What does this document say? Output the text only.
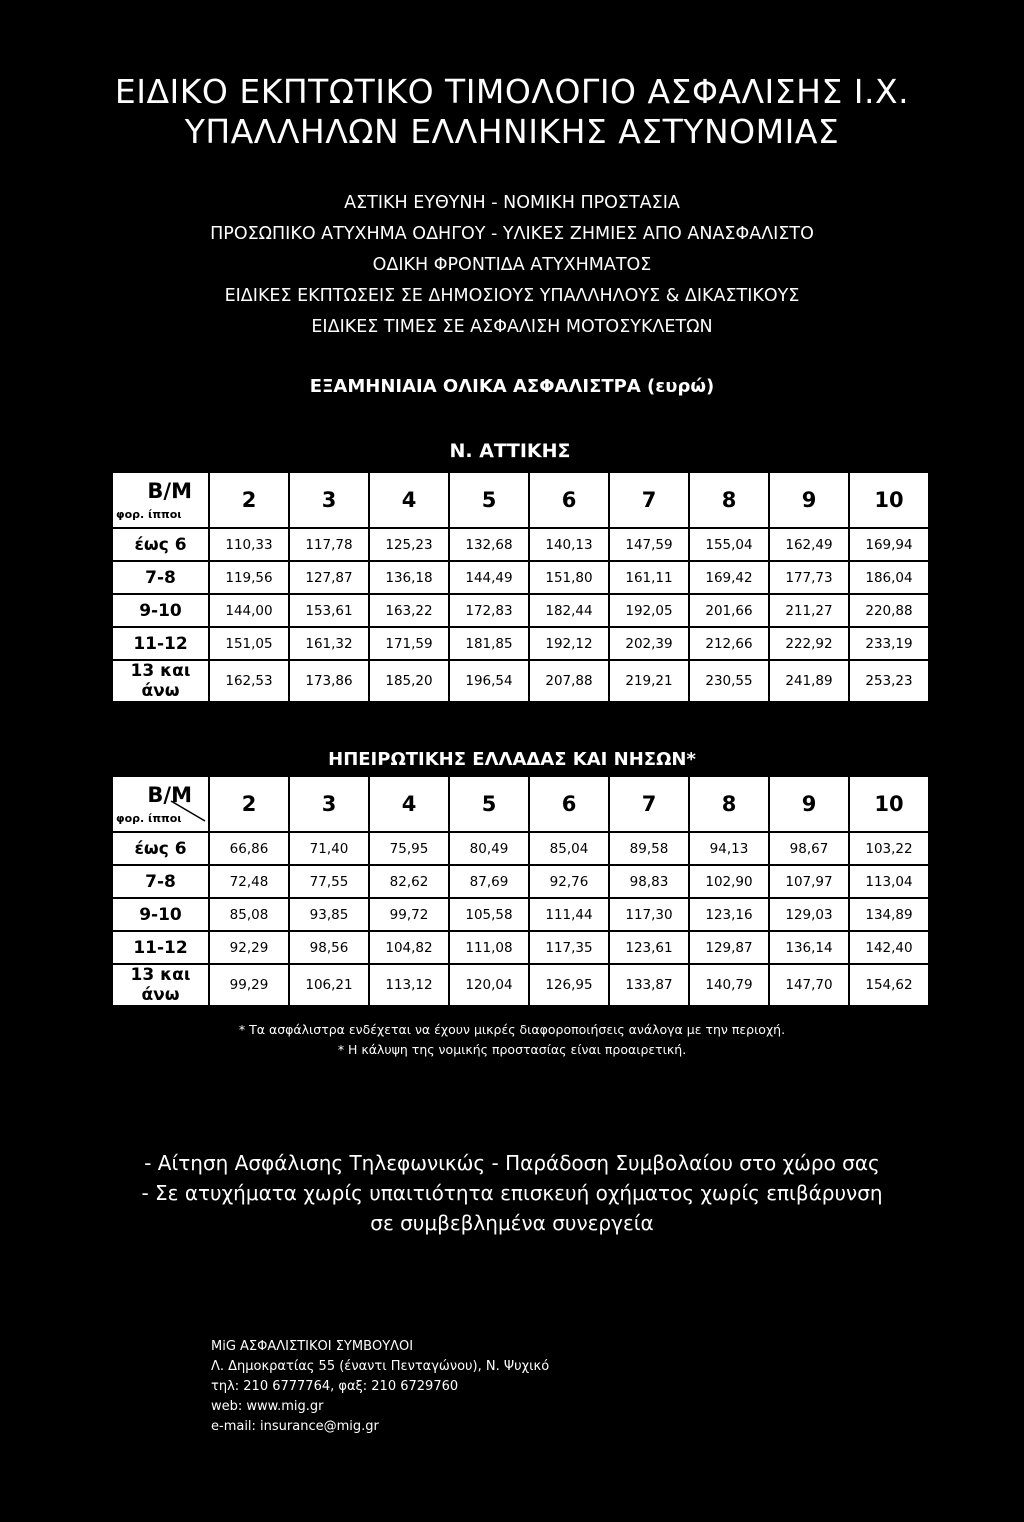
ΕΙΔΙΚΟ ΕΚΠΤΩΤΙΚΟ ΤΙΜΟΛΟΓΙΟ ΑΣΦΑΛΙΣΗΣ Ι.Χ.
ΥΠΑΛΛΗΛΩΝ ΕΛΛΗΝΙΚΗΣ ΑΣΤΥΝΟΜΙΑΣ
ΑΣΤΙΚΗ ΕΥΘΥΝΗ - ΝΟΜΙΚΗ ΠΡΟΣΤΑΣΙΑ
ΠΡΟΣΩΠΙΚΟ ΑΤΥΧΗΜΑ ΟΔΗΓΟΥ - ΥΛΙΚΕΣ ΖΗΜΙΕΣ ΑΠΟ ΑΝΑΣΦΑΛΙΣΤΟ
ΟΔΙΚΗ ΦΡΟΝΤΙΔΑ ΑΤΥΧΗΜΑΤΟΣ
ΕΙΔΙΚΕΣ ΕΚΠΤΩΣΕΙΣ ΣΕ ΔΗΜΟΣΙΟΥΣ ΥΠΑΛΛΗΛΟΥΣ & ΔΙΚΑΣΤΙΚΟΥΣ
ΕΙΔΙΚΕΣ ΤΙΜΕΣ ΣΕ ΑΣΦΑΛΙΣΗ ΜΟΤΟΣΥΚΛΕΤΩΝ
ΕΞΑΜΗΝΙΑΙΑ ΟΛΙΚΑ ΑΣΦΑΛΙΣΤΡΑ (ευρώ)
Ν. ΑΤΤΙΚΗΣ
Β/Μ
φορ. ίπποι	2	3	4	5	6	7	8	9	10
έως 6	110,33	117,78	125,23	132,68	140,13	147,59	155,04	162,49	169,94
7-8	119,56	127,87	136,18	144,49	151,80	161,11	169,42	177,73	186,04
9-10	144,00	153,61	163,22	172,83	182,44	192,05	201,66	211,27	220,88
11-12	151,05	161,32	171,59	181,85	192,12	202,39	212,66	222,92	233,19
13 και άνω	162,53	173,86	185,20	196,54	207,88	219,21	230,55	241,89	253,23
ΗΠΕΙΡΩΤΙΚΗΣ ΕΛΛΑΔΑΣ ΚΑΙ ΝΗΣΩΝ*
Β/Μ
φορ. ίπποι	2	3	4	5	6	7	8	9	10
έως 6	66,86	71,40	75,95	80,49	85,04	89,58	94,13	98,67	103,22
7-8	72,48	77,55	82,62	87,69	92,76	98,83	102,90	107,97	113,04
9-10	85,08	93,85	99,72	105,58	111,44	117,30	123,16	129,03	134,89
11-12	92,29	98,56	104,82	111,08	117,35	123,61	129,87	136,14	142,40
13 και άνω	99,29	106,21	113,12	120,04	126,95	133,87	140,79	147,70	154,62
* Τα ασφάλιστρα ενδέχεται να έχουν μικρές διαφοροποιήσεις ανάλογα με την περιοχή.
* Η κάλυψη της νομικής προστασίας είναι προαιρετική.
- Αίτηση Ασφάλισης Τηλεφωνικώς - Παράδοση Συμβολαίου στο χώρο σας
- Σε ατυχήματα χωρίς υπαιτιότητα επισκευή οχήματος χωρίς επιβάρυνση
σε συμβεβλημένα συνεργεία
MiG ΑΣΦΑΛΙΣΤΙΚΟΙ ΣΥΜΒΟΥΛΟΙ
Λ. Δημοκρατίας 55 (έναντι Πενταγώνου), Ν. Ψυχικό
τηλ: 210 6777764, φαξ: 210 6729760
web: www.mig.gr
e-mail: insurance@mig.gr
